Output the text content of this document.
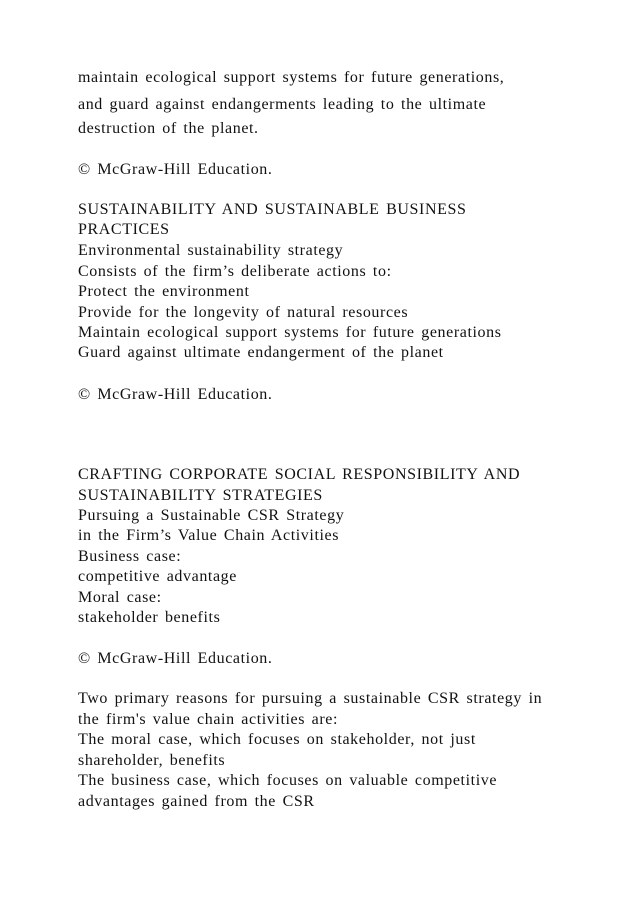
maintain ecological support systems for future generations,

and guard against endangerments leading to the ultimate

destruction of the planet.

© McGraw-Hill Education.

SUSTAINABILITY AND SUSTAINABLE BUSINESS

PRACTICES

Environmental sustainability strategy

Consists of the firm’s deliberate actions to:

Protect the environment

Provide for the longevity of natural resources

Maintain ecological support systems for future generations

Guard against ultimate endangerment of the planet

© McGraw-Hill Education.

CRAFTING CORPORATE SOCIAL RESPONSIBILITY AND

SUSTAINABILITY STRATEGIES

Pursuing a Sustainable CSR Strategy

in the Firm’s Value Chain Activities

Business case:

competitive advantage

Moral case:

stakeholder benefits

© McGraw-Hill Education.

Two primary reasons for pursuing a sustainable CSR strategy in

the firm's value chain activities are:

The moral case, which focuses on stakeholder, not just

shareholder, benefits

The business case, which focuses on valuable competitive

advantages gained from the CSR
